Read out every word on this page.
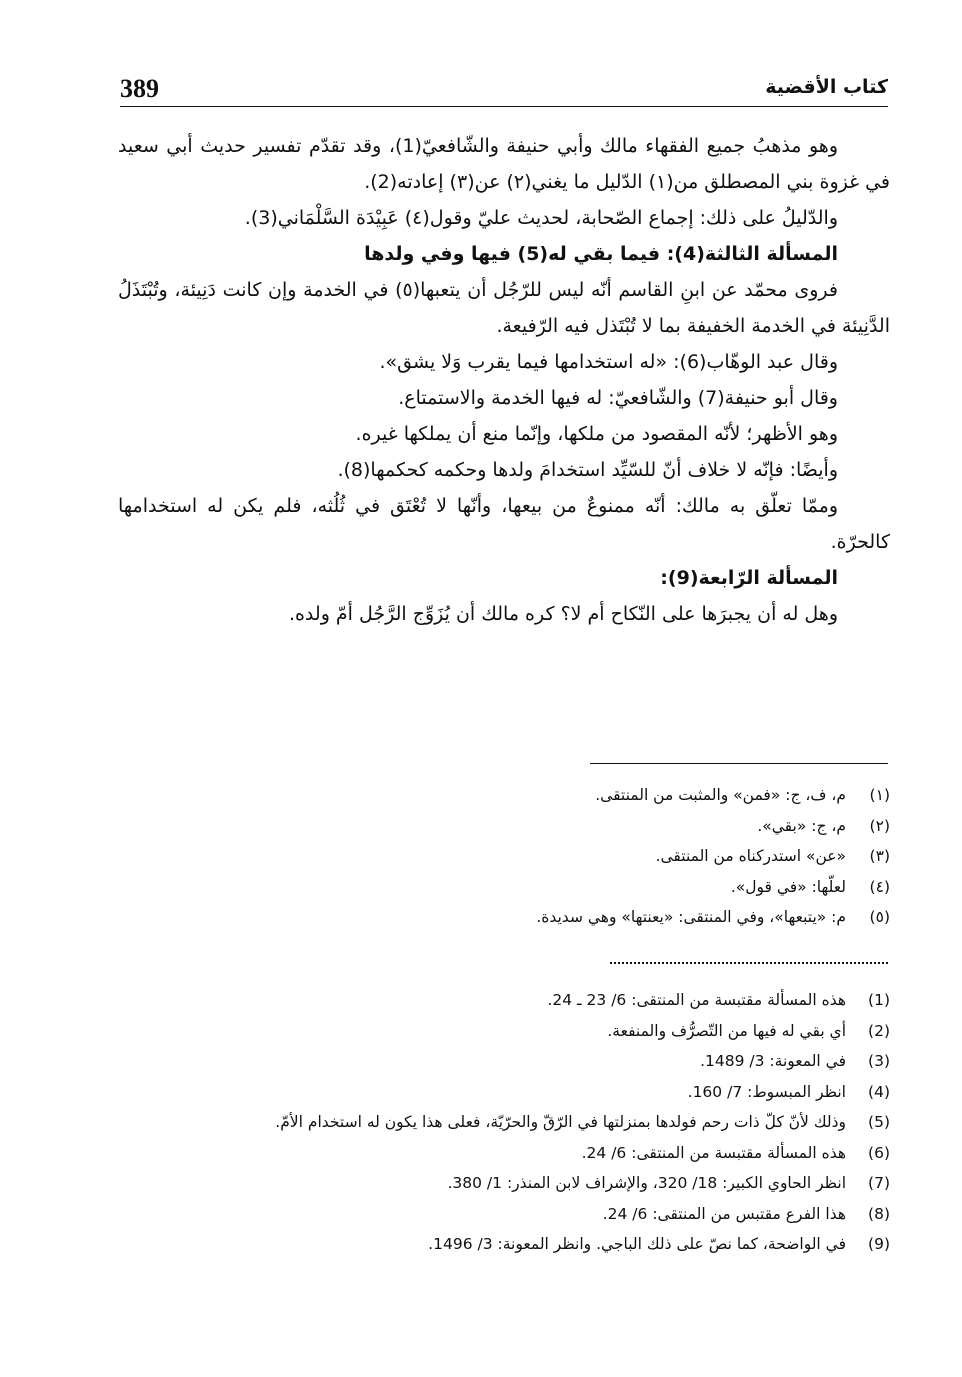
389	كتاب الأقضية

وهو مذهبُ جميع الفقهاء مالك وأبي حنيفة والشّافعيّ(1)، وقد تقدّم تفسير حديث أبي سعيد في غزوة بني المصطلق من(١) الدّليل ما يغني(٢) عن(٣) إعادته(2).

والدّليلُ على ذلك: إجماع الصّحابة، لحديث عليّ وقول(٤) عَبِيْدَة السَّلْمَاني(3).

المسألة الثالثة(4): فيما بقي له(5) فيها وفي ولدها

فروى محمّد عن ابنِ القاسم أنّه ليس للرّجُل أن يتعبها(٥) في الخدمة وإن كانت دَنِيئة، وتُبْتَذَلُ الدَّنِيئة في الخدمة الخفيفة بما لا تُبْتَذل فيه الرّفيعة.

وقال عبد الوهّاب(6): «له استخدامها فيما يقرب وَلا يشق».

وقال أبو حنيفة(7) والشّافعيّ: له فيها الخدمة والاستمتاع.

وهو الأظهر؛ لأنّه المقصود من ملكها، وإنّما منع أن يملكها غيره.

وأيضًا: فإنّه لا خلاف أنّ للسّيِّد استخدامَ ولدها وحكمه كحكمها(8).

وممّا تعلّق به مالك: أنّه ممنوعٌ من بيعها، وأنّها لا تُعْتَق في ثُلُثه، فلم يكن له استخدامها كالحرّة.

المسألة الرّابعة(9):

وهل له أن يجبرَها على النّكاح أم لا؟ كره مالك أن يُزَوِّج الرَّجُل أمّ ولده.

(١)
م، ف، ج: «فمن» والمثبت من المنتقى.
(٢)
م، ج: «بقي».
(٣)
«عن» استدركناه من المنتقى.
(٤)
لعلّها: «في قول».
(٥)
م: «يتبعها»، وفي المنتقى: «يعنتها» وهي سديدة.
(1)
هذه المسألة مقتبسة من المنتقى: 6/ 23 ـ 24.
(2)
أي بقي له فيها من التّصرُّف والمنفعة.
(3)
في المعونة: 3/ 1489.
(4)
انظر المبسوط: 7/ 160.
(5)
وذلك لأنّ كلّ ذات رحم فولدها بمنزلتها في الرّقّ والحرّيّة، فعلى هذا يكون له استخدام الأمّ.
(6)
هذه المسألة مقتبسة من المنتقى: 6/ 24.
(7)
انظر الحاوي الكبير: 18/ 320، والإشراف لابن المنذر: 1/ 380.
(8)
هذا الفرع مقتبس من المنتقى: 6/ 24.
(9)
في الواضحة، كما نصّ على ذلك الباجي. وانظر المعونة: 3/ 1496.
